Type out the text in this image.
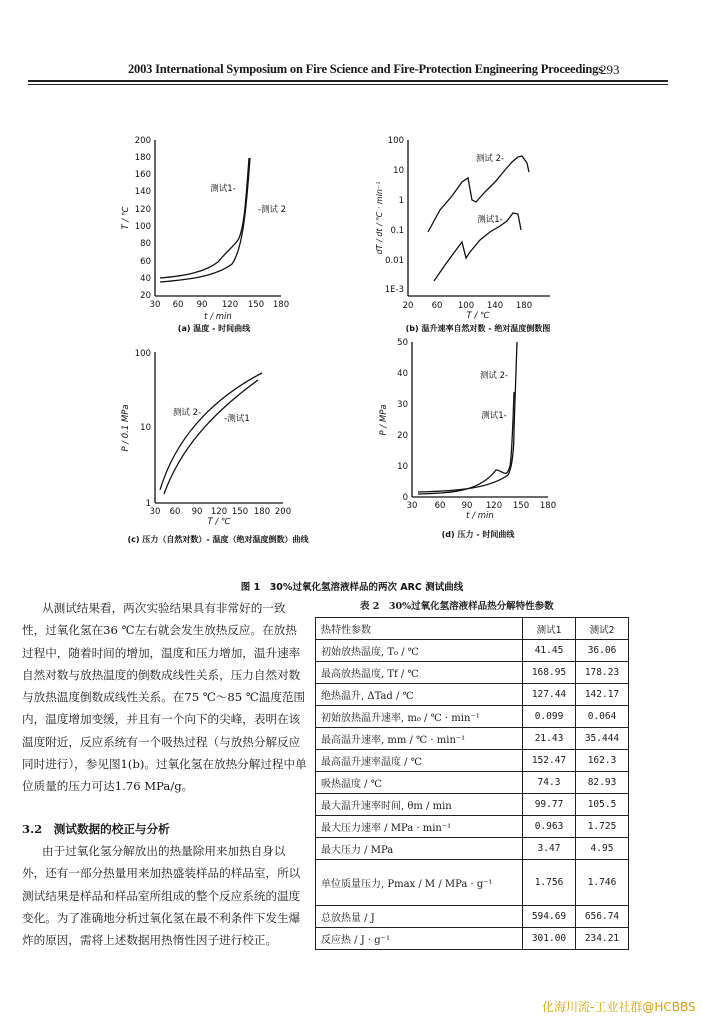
2003 International Symposium on Fire Science and Fire-Protection Engineering Proceedings
293
30 60 90 120 150 180
20
40
60
80
100
120
140
160
180
200
t / min
T / ℃
测试1-
-测试 2
(a) 温度 - 时间曲线
20 60 100 140 180
1E-3
0.01
0.1
1
10
100
T / ℃
dT / dt / ℃ · min⁻¹
测试 2-
测试1-
(b) 温升速率自然对数 - 绝对温度倒数图
30 60 90 120 150 180 200
1
10
100
T / ℃
P / 0.1 MPa	测试 2-
-测试1
(c) 压力（自然对数）- 温度（绝对温度倒数）曲线
30 60 90 120 150 180
0
10
20
30
40
50
t / min
P / MPa
测试 2-
测试1-
(d) 压力 - 时间曲线
图 1　30%过氧化氢溶液样品的两次 ARC 测试曲线
从测试结果看，两次实验结果具有非常好的一致性，过氧化氢在36 ℃左右就会发生放热反应。在放热过程中，随着时间的增加，温度和压力增加，温升速率自然对数与放热温度的倒数成线性关系，压力自然对数与放热温度倒数成线性关系。在75 ℃～85 ℃温度范围内，温度增加变缓，并且有一个向下的尖峰，表明在该温度附近，反应系统有一个吸热过程（与放热分解反应同时进行），参见图1(b)。过氧化氢在放热分解过程中单位质量的压力可达1.76 MPa/g。
3.2　测试数据的校正与分析
由于过氧化氢分解放出的热量除用来加热自身以外，还有一部分热量用来加热盛装样品的样品室，所以测试结果是样品和样品室所组成的整个反应系统的温度变化。为了准确地分析过氧化氢在最不利条件下发生爆炸的原因，需将上述数据用热惰性因子进行校正。
表 2　30%过氧化氢溶液样品热分解特性参数
热特性参数	测试1	测试2
初始放热温度, T₀ / ℃	41.45	36.06
最高放热温度, Tf / ℃	168.95	178.23
绝热温升, ΔTad / ℃	127.44	142.17
初始放热温升速率, m₀ / ℃ · min⁻¹	0.099	0.064
最高温升速率, mm / ℃ · min⁻¹	21.43	35.444
最高温升速率温度 / ℃	152.47	162.3
吸热温度 / ℃	74.3	82.93
最大温升速率时间, θm / min	99.77	105.5
最大压力速率 / MPa · min⁻¹	0.963	1.725
最大压力 / MPa	3.47	4.95
单位质量压力, Pmax / M / MPa · g⁻¹	1.756	1.746
总放热量 / J	594.69	656.74
反应热 / J · g⁻¹	301.00	234.21
化海川流-工业社群@HCBBS
